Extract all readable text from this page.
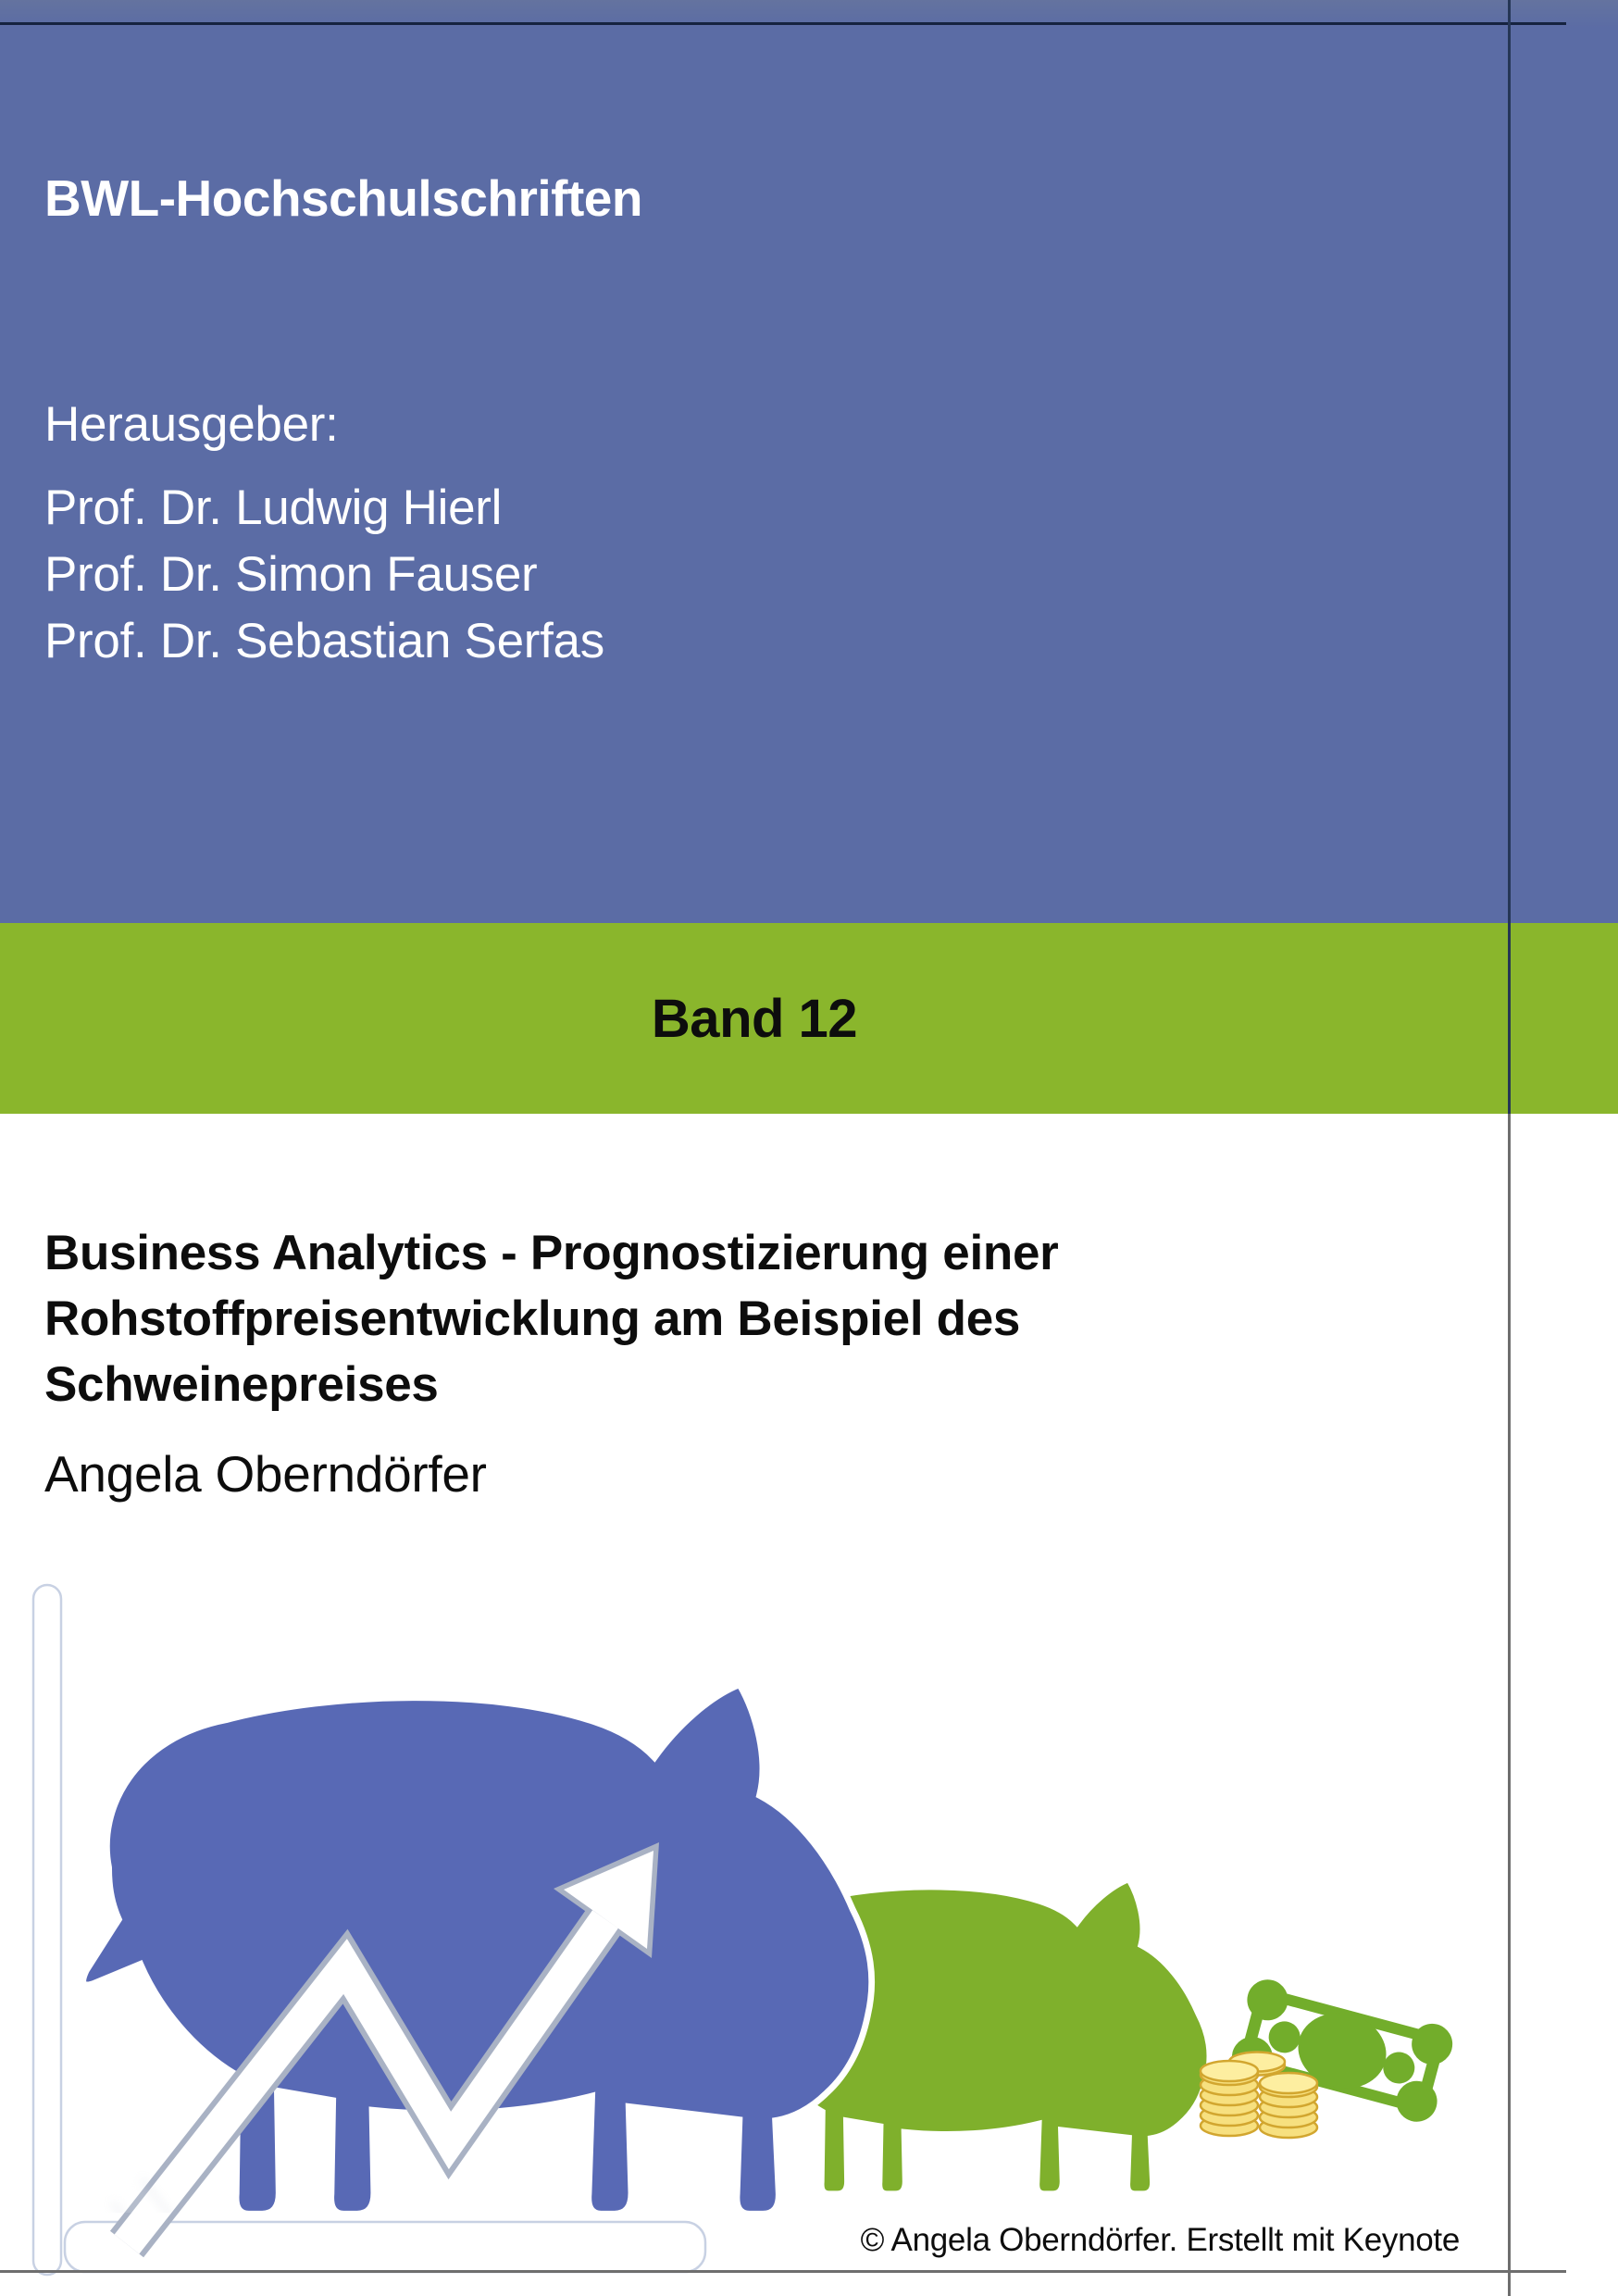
BWL-Hochschulschriften
Herausgeber:
Prof. Dr. Ludwig Hierl
Prof. Dr. Simon Fauser
Prof. Dr. Sebastian Serfas
Band 12
Business Analytics - Prognostizierung einer
Rohstoffpreisentwicklung am Beispiel des
Schweinepreises
Angela Oberndörfer
© Angela Oberndörfer. Erstellt mit Keynote
